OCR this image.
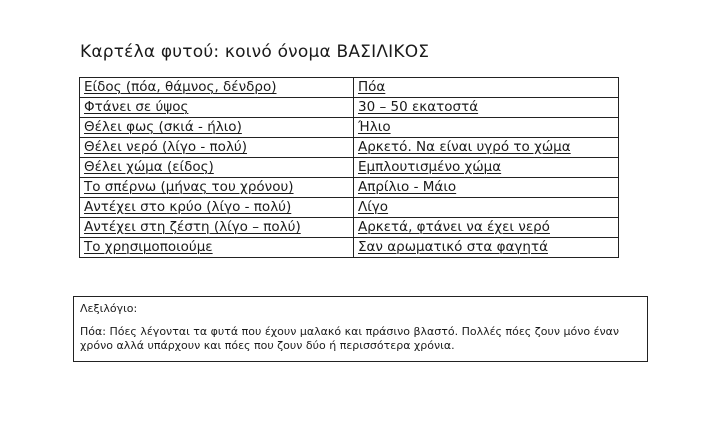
Καρτέλα φυτού: κοινό όνομα ΒΑΣΙΛΙΚΟΣ
Είδος (πόα, θάμνος, δένδρο)	Πόα
Φτάνει σε ύψος	30 – 50 εκατοστά
Θέλει φως (σκιά - ήλιο)	Ήλιο
Θέλει νερό (λίγο - πολύ)	Αρκετό. Να είναι υγρό το χώμα
Θέλει χώμα (είδος)	Εμπλουτισμένο χώμα
Το σπέρνω (μήνας του χρόνου)	Απρίλιο - Μάιο
Αντέχει στο κρύο (λίγο - πολύ)	Λίγο
Αντέχει στη ζέστη (λίγο – πολύ)	Αρκετά, φτάνει να έχει νερό
Το χρησιμοποιούμε	Σαν αρωματικό στα φαγητά
Λεξιλόγιο:
Πόα: Πόες λέγονται τα φυτά που έχουν μαλακό και πράσινο βλαστό. Πολλές πόες ζουν μόνο έναν χρόνο αλλά υπάρχουν και πόες που ζουν δύο ή περισσότερα χρόνια.
